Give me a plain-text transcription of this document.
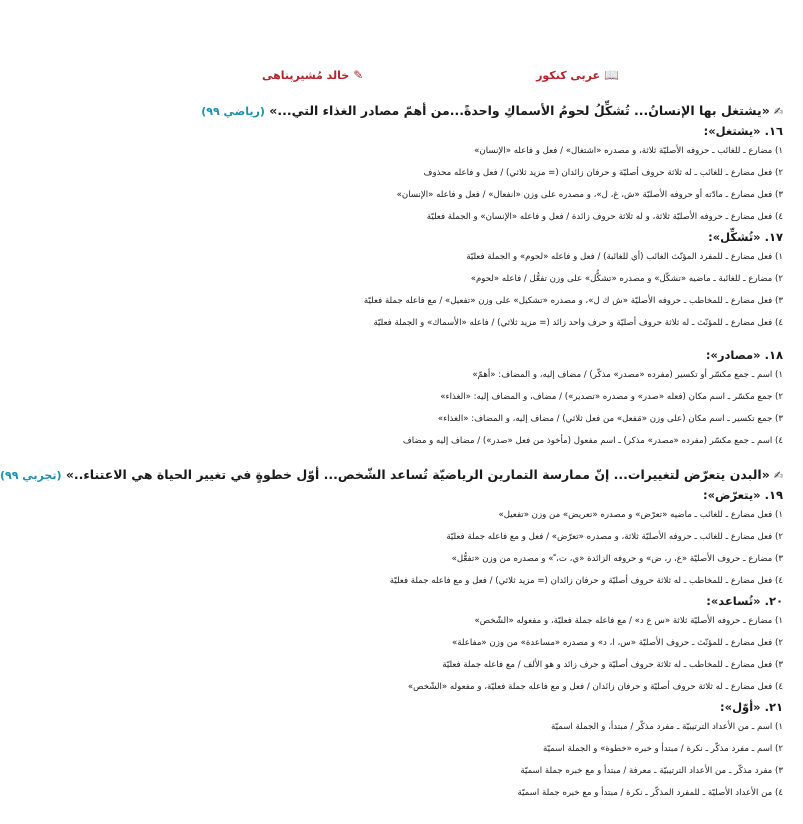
✎خالد مُشیرپناهی	📖عربی کنکور
✍«يشتغل بها الإنسانُ... تُشكِّلُ لحومُ الأسماكِ واحدةً...من أهمّ مصادر الغذاء التي...» (رياضي ٩٩)
١٦.«يشتغل»:
١) مضارع ـ للغائب ـ حروفه الأصليّة ثلاثة، و مصدره «اشتغال» / فعل و فاعله «الإنسان»
٢) فعل مضارع ـ للغائب ـ له ثلاثة حروف أصليّة و حرفان زائدان (= مزيد ثلاثي) / فعل و فاعله محذوف
٣) فعل مضارع ـ مادّته أو حروفه الأصليّة «ش، غ، ل»، و مصدره على وزن «انفعال» / فعل و فاعله «الإنسان»
٤) فعل مضارع ـ حروفه الأصليّة ثلاثة، و له ثلاثة حروف زائدة / فعل و فاعله «الإنسان» و الجملة فعليّة
١٧.«تُشكِّل»:
١) فعل مضارع ـ للمفرد المؤنّث الغائب (أي للغائبة) / فعل و فاعله «لحوم» و الجملة فعليّة
٢) مضارع ـ للغائبة ـ ماضيه «تشكّل» و مصدره «تشكُّل» على وزن تفعُّل / فاعله «لحوم»
٣) فعل مضارع ـ للمخاطب ـ حروفه الأصليّة «ش ك ل»، و مصدره «تشكيل» على وزن «تفعيل» / مع فاعله جملة فعليّة
٤) فعل مضارع ـ للمؤنّث ـ له ثلاثة حروف أصليّة و حرف واحد زائد (= مزيد ثلاثي) / فاعله «الأسماك» و الجملة فعليّة
١٨.«مصادر»:
١) اسم ـ جمع مكسّر أو تكسير (مفرده «مصدر» مذكّر) / مضاف إليه، و المضاف: «أهمّ»
٢) جمع مكسّر ـ اسم مكان (فعله «صدر» و مصدره «تصدير») / مضاف، و المضاف إليه: «الغذاء»
٣) جمع تكسير ـ اسم مكان (على وزن «مَفعل» من فعل ثلاثي) / مضاف إليه، و المضاف: «الغذاء»
٤) اسم ـ جمع مكسّر (مفرده «مصدر» مذكر) ـ اسم مفعول (مأخوذ من فعل «صدر») / مضاف إليه و مضاف
✍«البدن يتعرّض لتغييرات... إنّ ممارسة التمارين الرياضيّة تُساعد الشّخص... أوّل خطوةٍ في تغيير الحياة هي الاعتناء..» (تجربي ٩٩)
١٩.«يتعرّض»:
١) فعل مضارع ـ للغائب ـ ماضيه «تعرّض» و مصدره «تعريض» من وزن «تفعيل»
٢) فعل مضارع ـ للغائب ـ حروفه الأصليّة ثلاثة، و مصدره «تعرّض» / فعل و مع فاعله جملة فعليّة
٣) مضارع ـ حروف الأصليّة «ع، ر، ض» و حروفه الزائدة «ي، ت، ّ» و مصدره من وزن «تفعُّل»
٤) فعل مضارع ـ للمخاطب ـ له ثلاثة حروف أصليّة و حرفان زائدان (= مزيد ثلاثي) / فعل و مع فاعله جملة فعليّة
٢٠.«تُساعد»:
١) مضارع ـ حروفه الأصليّة ثلاثة «س ع د» / مع فاعله جملة فعليّة، و مفعوله «الشّخص»
٢) فعل مضارع ـ للمؤنّث ـ حروف الأصليّة «س، ا، د» و مصدره «مساعدة» من وزن «مفاعلة»
٣) فعل مضارع ـ للمخاطب ـ له ثلاثة حروف أصليّة و حرف زائد و هو الألف / مع فاعله جملة فعليّة
٤) فعل مضارع ـ له ثلاثة حروف أصليّة و حرفان زائدان / فعل و مع فاعله جملة فعليّة، و مفعوله «الشّخص»
٢١.«أوّل»:
١) اسم ـ من الأعداد الترتيبيّة ـ مفرد مذكّر / مبتدأ، و الجملة اسميّة
٢) اسم ـ مفرد مذكّر ـ نكرة / مبتدأ و خبره «خطوة» و الجملة اسميّة
٣) مفرد مذكّر ـ من الأعداد الترتيبيّة ـ معرفة / مبتدأ و مع خبره جملة اسميّة
٤) من الأعداد الأصليّة ـ للمفرد المذكّر ـ نكرة / مبتدأ و مع خبره جملة اسميّة
